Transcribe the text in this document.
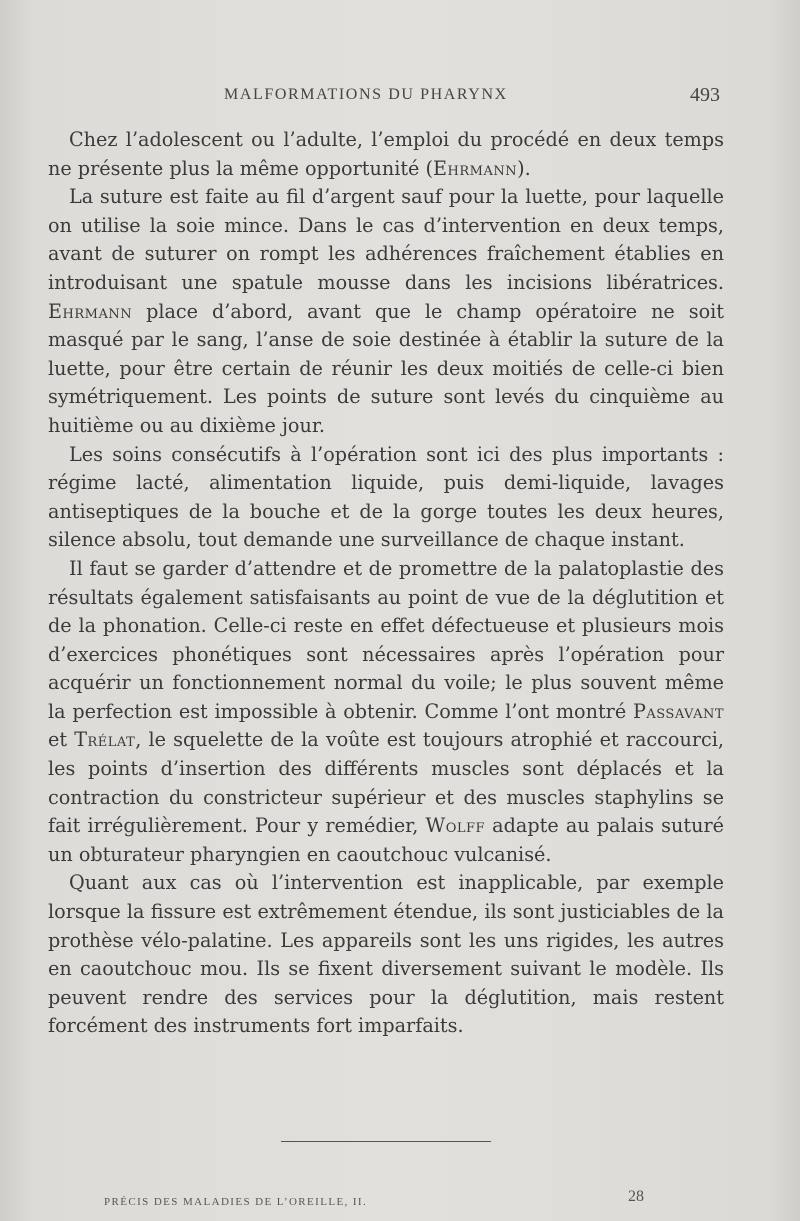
MALFORMATIONS DU PHARYNX	493

Chez l’adolescent ou l’adulte, l’emploi du procédé en deux temps ne présente plus la même opportunité (Ehrmann).

La suture est faite au fil d’argent sauf pour la luette, pour laquelle on utilise la soie mince. Dans le cas d’intervention en deux temps, avant de suturer on rompt les adhérences fraîchement établies en introduisant une spatule mousse dans les incisions libératrices. Ehrmann place d’abord, avant que le champ opératoire ne soit masqué par le sang, l’anse de soie destinée à établir la suture de la luette, pour être certain de réunir les deux moitiés de celle-ci bien symétriquement. Les points de suture sont levés du cinquième au huitième ou au dixième jour.

Les soins consécutifs à l’opération sont ici des plus importants : régime lacté, alimentation liquide, puis demi-liquide, lavages antiseptiques de la bouche et de la gorge toutes les deux heures, silence absolu, tout demande une surveillance de chaque instant.

Il faut se garder d’attendre et de promettre de la palatoplastie des résultats également satisfaisants au point de vue de la déglutition et de la phonation. Celle-ci reste en effet défectueuse et plusieurs mois d’exercices phonétiques sont nécessaires après l’opération pour acquérir un fonctionnement normal du voile; le plus souvent même la perfection est impossible à obtenir. Comme l’ont montré Passavant et Trélat, le squelette de la voûte est toujours atrophié et raccourci, les points d’insertion des différents muscles sont déplacés et la contraction du constricteur supérieur et des muscles staphylins se fait irrégulièrement. Pour y remédier, Wolff adapte au palais suturé un obturateur pharyngien en caoutchouc vulcanisé.

Quant aux cas où l’intervention est inapplicable, par exemple lorsque la fissure est extrêmement étendue, ils sont justiciables de la prothèse vélo-palatine. Les appareils sont les uns rigides, les autres en caoutchouc mou. Ils se fixent diversement suivant le modèle. Ils peuvent rendre des services pour la déglutition, mais restent forcément des instruments fort imparfaits.

PRÉCIS DES MALADIES DE L’OREILLE, II.	28
